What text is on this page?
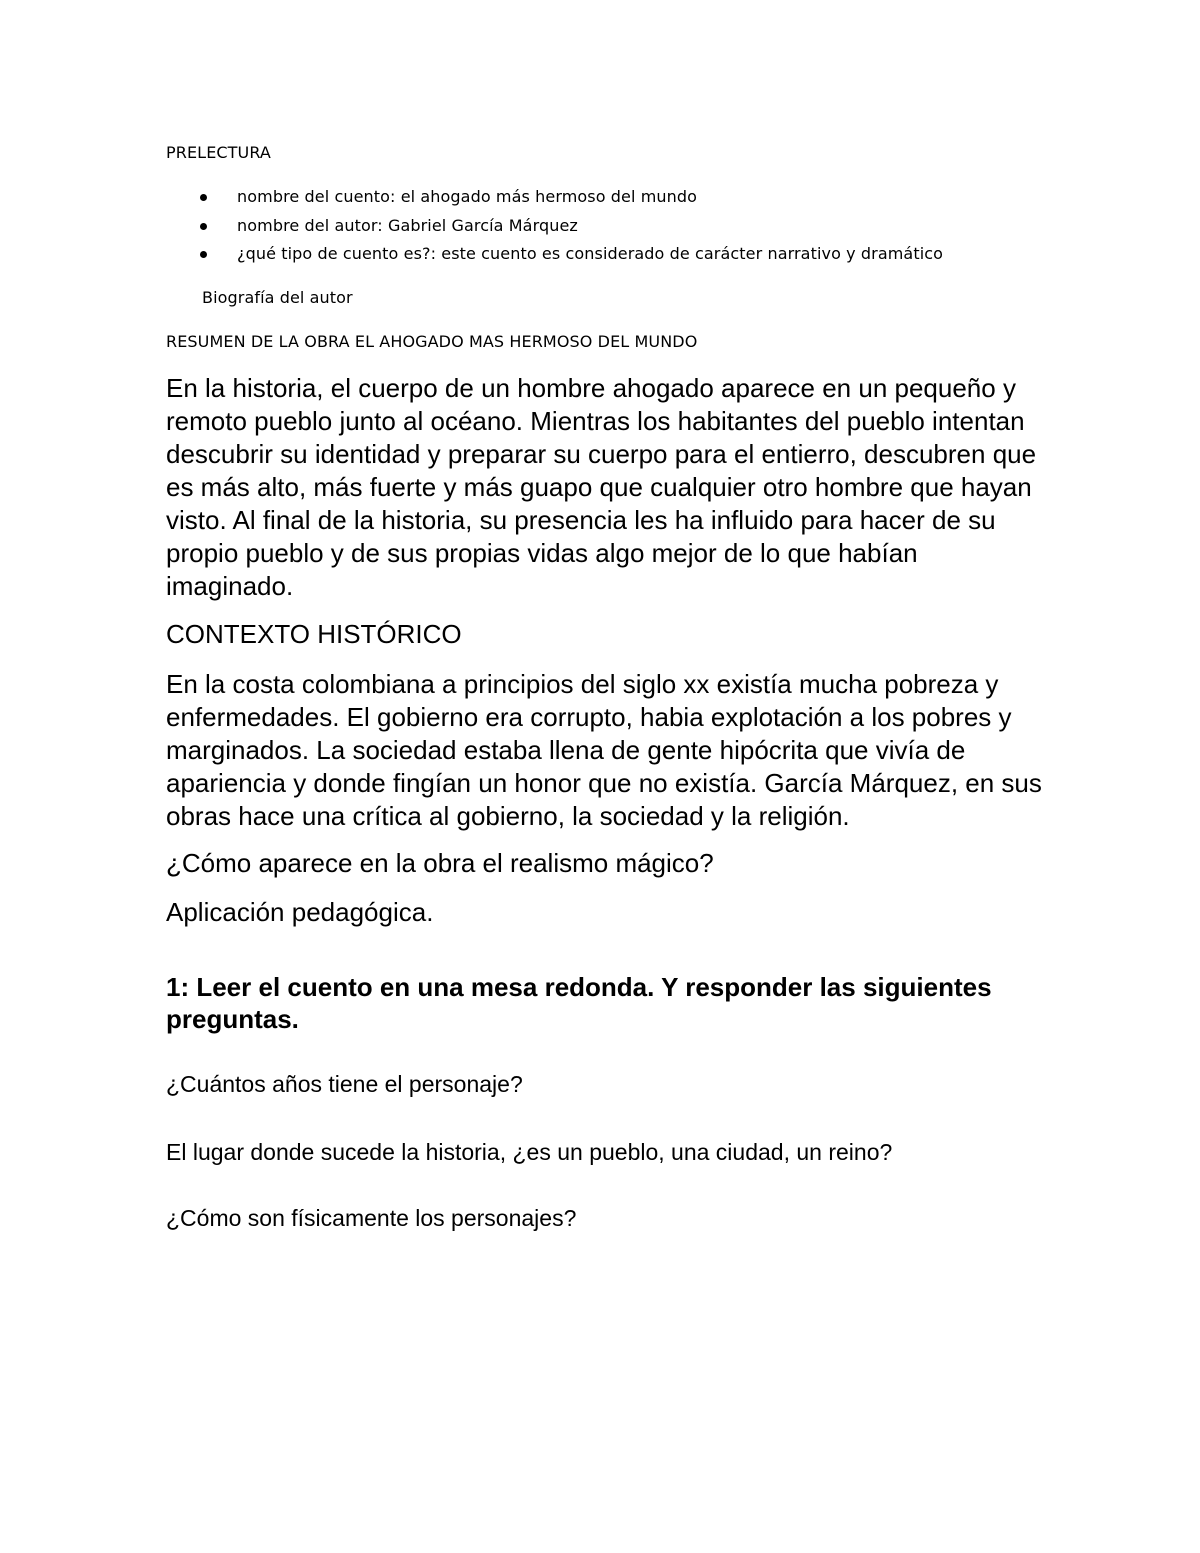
PRELECTURA
nombre del cuento: el ahogado más hermoso del mundo
nombre del autor: Gabriel García Márquez
¿qué tipo de cuento es?: este cuento es considerado de carácter narrativo y dramático
Biografía del autor
RESUMEN DE LA OBRA EL AHOGADO MAS HERMOSO DEL MUNDO
En la historia, el cuerpo de un hombre ahogado aparece en un pequeño y remoto pueblo junto al océano. Mientras los habitantes del pueblo intentan descubrir su identidad y preparar su cuerpo para el entierro, descubren que es más alto, más fuerte y más guapo que cualquier otro hombre que hayan visto. Al final de la historia, su presencia les ha influido para hacer de su propio pueblo y de sus propias vidas algo mejor de lo que habían imaginado.
CONTEXTO HISTÓRICO
En la costa colombiana a principios del siglo xx existía mucha pobreza y enfermedades. El gobierno era corrupto, habia explotación a los pobres y marginados. La sociedad estaba llena de gente hipócrita que vivía de apariencia y donde fingían un honor que no existía. García Márquez, en sus obras hace una crítica al gobierno, la sociedad y la religión.
¿Cómo aparece en la obra el realismo mágico?
Aplicación pedagógica.
1: Leer el cuento en una mesa redonda. Y responder las siguientes preguntas.
¿Cuántos años tiene el personaje?
El lugar donde sucede la historia, ¿es un pueblo, una ciudad, un reino?
¿Cómo son físicamente los personajes?
